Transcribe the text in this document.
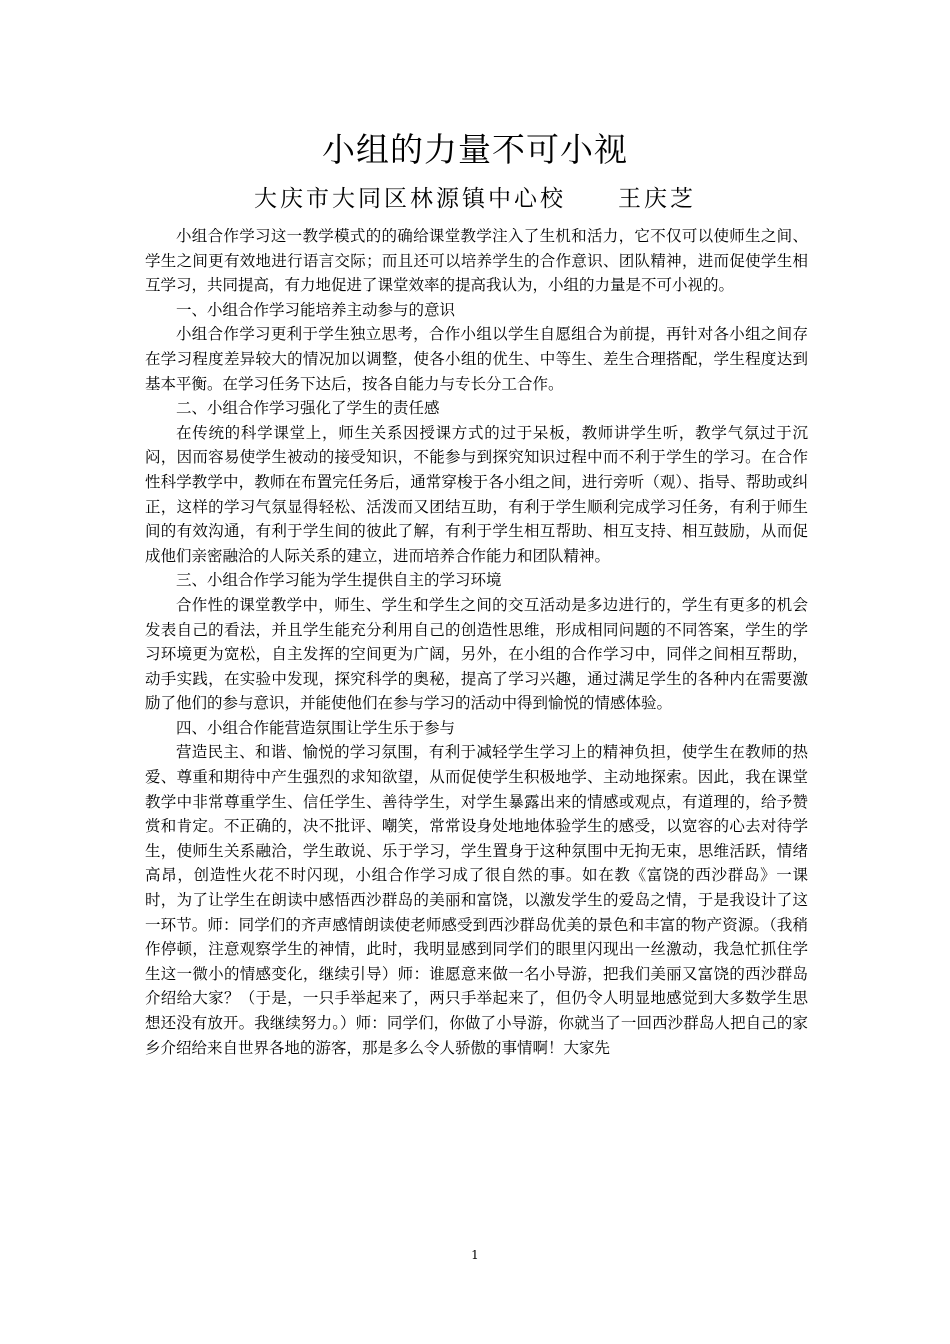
小组的力量不可小视
大庆市大同区林源镇中心校 王庆芝

小组合作学习这一教学模式的的确给课堂教学注入了生机和活力，它不仅可以使师生之间、学生之间更有效地进行语言交际；而且还可以培养学生的合作意识、团队精神，进而促使学生相互学习，共同提高，有力地促进了课堂效率的提高我认为，小组的力量是不可小视的。

一、小组合作学习能培养主动参与的意识

小组合作学习更利于学生独立思考，合作小组以学生自愿组合为前提，再针对各小组之间存在学习程度差异较大的情况加以调整，使各小组的优生、中等生、差生合理搭配，学生程度达到基本平衡。在学习任务下达后，按各自能力与专长分工合作。

二、小组合作学习强化了学生的责任感

在传统的科学课堂上，师生关系因授课方式的过于呆板，教师讲学生听，教学气氛过于沉闷，因而容易使学生被动的接受知识，不能参与到探究知识过程中而不利于学生的学习。在合作性科学教学中，教师在布置完任务后，通常穿梭于各小组之间，进行旁听（观）、指导、帮助或纠正，这样的学习气氛显得轻松、活泼而又团结互助，有利于学生顺利完成学习任务，有利于师生间的有效沟通，有利于学生间的彼此了解，有利于学生相互帮助、相互支持、相互鼓励，从而促成他们亲密融洽的人际关系的建立，进而培养合作能力和团队精神。

三、小组合作学习能为学生提供自主的学习环境

合作性的课堂教学中，师生、学生和学生之间的交互活动是多边进行的，学生有更多的机会发表自己的看法，并且学生能充分利用自己的创造性思维，形成相同问题的不同答案，学生的学习环境更为宽松，自主发挥的空间更为广阔，另外，在小组的合作学习中，同伴之间相互帮助，动手实践，在实验中发现，探究科学的奥秘，提高了学习兴趣，通过满足学生的各种内在需要激励了他们的参与意识，并能使他们在参与学习的活动中得到愉悦的情感体验。

四、小组合作能营造氛围让学生乐于参与

营造民主、和谐、愉悦的学习氛围，有利于减轻学生学习上的精神负担，使学生在教师的热爱、尊重和期待中产生强烈的求知欲望，从而促使学生积极地学、主动地探索。因此，我在课堂教学中非常尊重学生、信任学生、善待学生，对学生暴露出来的情感或观点，有道理的，给予赞赏和肯定。不正确的，决不批评、嘲笑，常常设身处地地体验学生的感受，以宽容的心去对待学生，使师生关系融洽，学生敢说、乐于学习，学生置身于这种氛围中无拘无束，思维活跃，情绪高昂，创造性火花不时闪现，小组合作学习成了很自然的事。如在教《富饶的西沙群岛》一课时，为了让学生在朗读中感悟西沙群岛的美丽和富饶，以激发学生的爱岛之情，于是我设计了这一环节。师：同学们的齐声感情朗读使老师感受到西沙群岛优美的景色和丰富的物产资源。（我稍作停顿，注意观察学生的神情，此时，我明显感到同学们的眼里闪现出一丝激动，我急忙抓住学生这一微小的情感变化，继续引导）师：谁愿意来做一名小导游，把我们美丽又富饶的西沙群岛介绍给大家？（于是，一只手举起来了，两只手举起来了，但仍令人明显地感觉到大多数学生思想还没有放开。我继续努力。）师：同学们，你做了小导游，你就当了一回西沙群岛人把自己的家乡介绍给来自世界各地的游客，那是多么令人骄傲的事情啊！大家先

1
